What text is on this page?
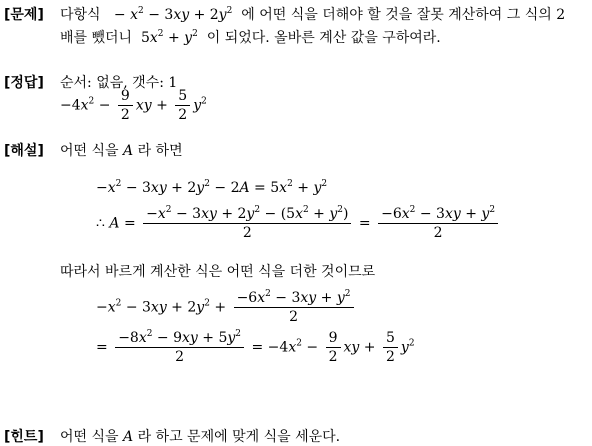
[문제] 다항식   − $x^2 - 3xy + 2y^2$ 에 어떤 식을 더해야 할 것을 잘못 계산하여 그 식의 2
배를 뺐더니  $5x^2 + y^2$ 이 되었다. 올바른 계산 값을 구하여라.
[정답] 순서: 없음, 갯수: 1
$-4x^2 - \frac{9}{2}$ xy + $\frac{5}{2} y^2$
[해설] 어떤 식을 A 라 하면
$-x^2 - 3xy + 2y^2 - 2A = 5x^2 + y^2$
∴ $A = \frac{-x^2 - 3xy + 2y^2 - (5x^2 + y^2)}{2} = \frac{-6x^2 - 3xy + y^2}{2}$
따라서 바르게 계산한 식은 어떤 식을 더한 것이므로
$-x^2 - 3xy + 2y^2 + \frac{-6x^2 - 3xy + y^2}{2}$
= $\frac{-8x^2 - 9xy + 5y^2}{2} = -4x^2 - \frac{9}{2}$ xy + $\frac{5}{2} y^2$
[힌트] 어떤 식을 A 라 하고 문제에 맞게 식을 세운다.
